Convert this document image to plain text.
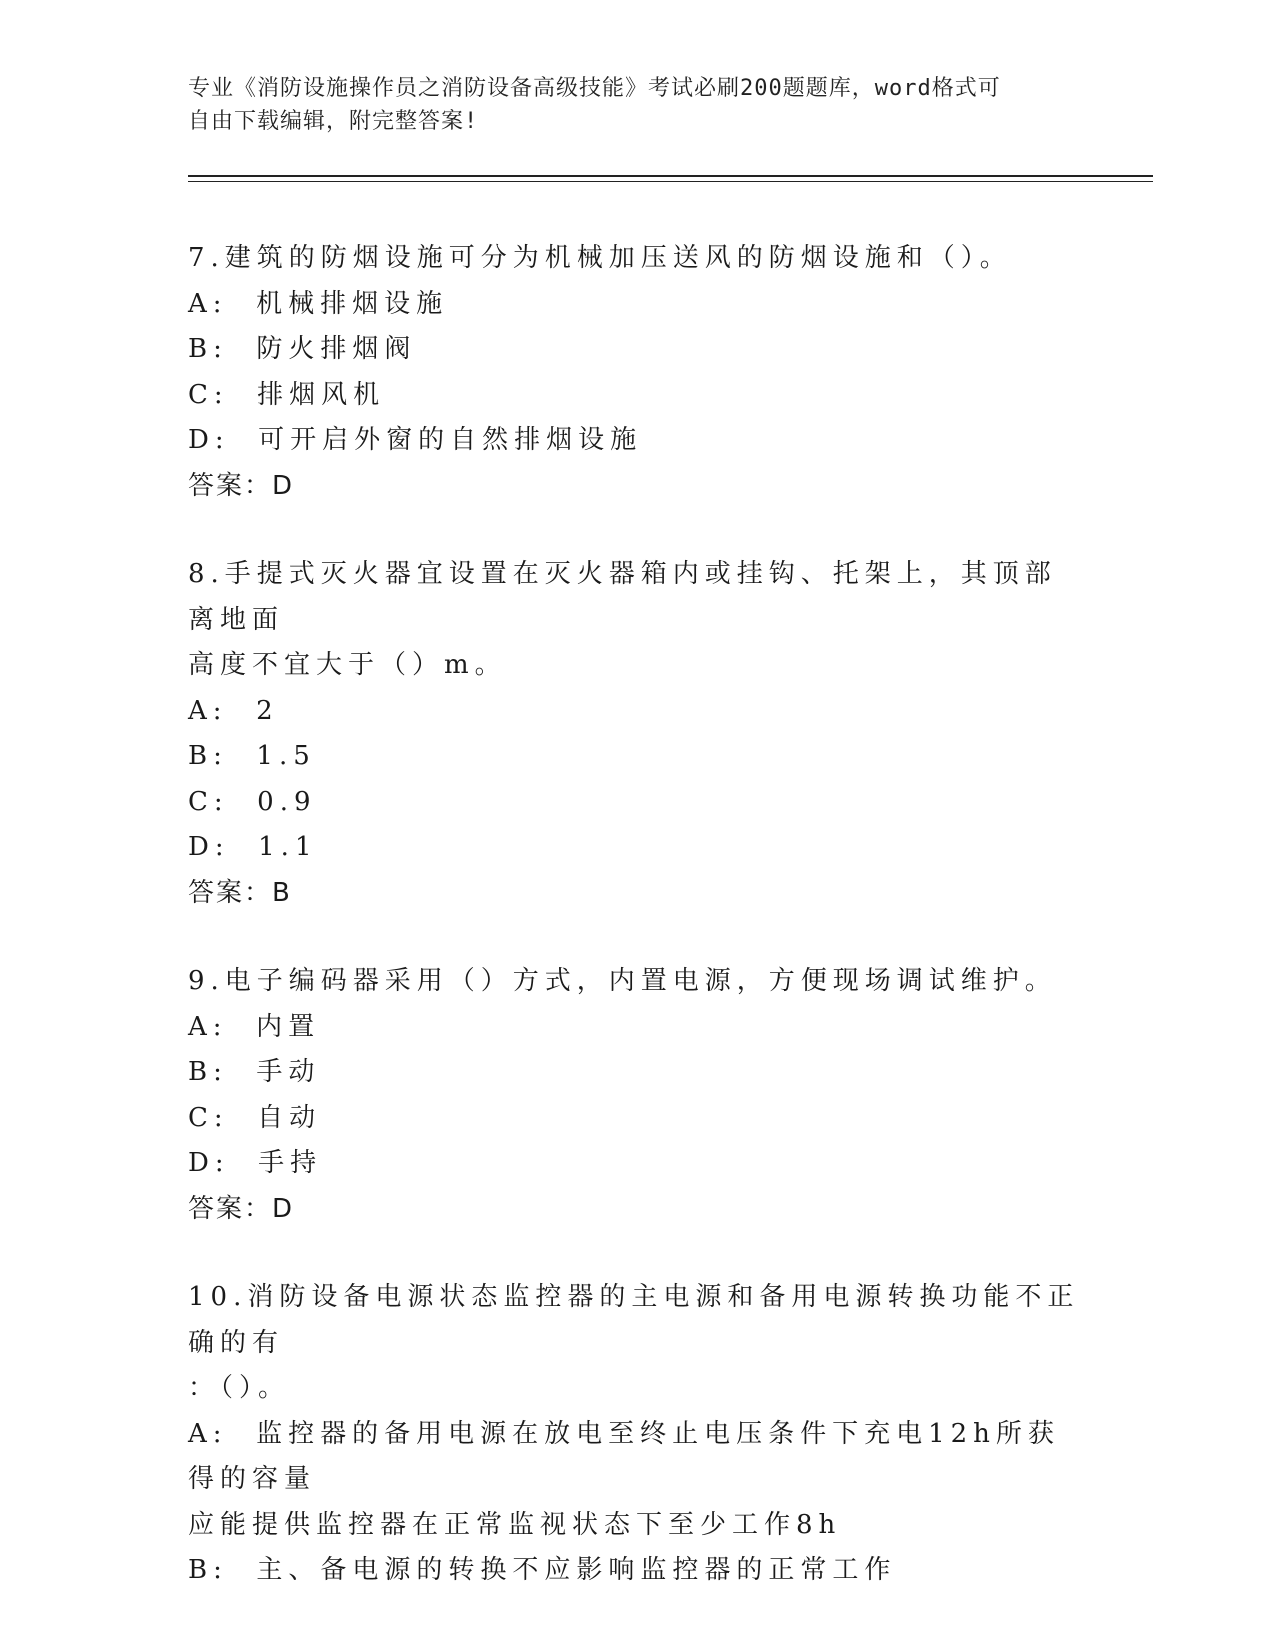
专业《消防设施操作员之消防设备高级技能》考试必刷200题题库，word格式可
自由下载编辑，附完整答案!
7.建筑的防烟设施可分为机械加压送风的防烟设施和（）。
A:  机械排烟设施
B:  防火排烟阀
C:  排烟风机
D:  可开启外窗的自然排烟设施
答案：D
8.手提式灭火器宜设置在灭火器箱内或挂钩、托架上，其顶部离地面
高度不宜大于（）m。
A:  2
B:  1.5
C:  0.9
D:  1.1
答案：B
9.电子编码器采用（）方式，内置电源，方便现场调试维护。
A:  内置
B:  手动
C:  自动
D:  手持
答案：D
10.消防设备电源状态监控器的主电源和备用电源转换功能不正确的有
：（）。
A:  监控器的备用电源在放电至终止电压条件下充电12h所获得的容量
应能提供监控器在正常监视状态下至少工作8h
B:  主、备电源的转换不应影响监控器的正常工作
